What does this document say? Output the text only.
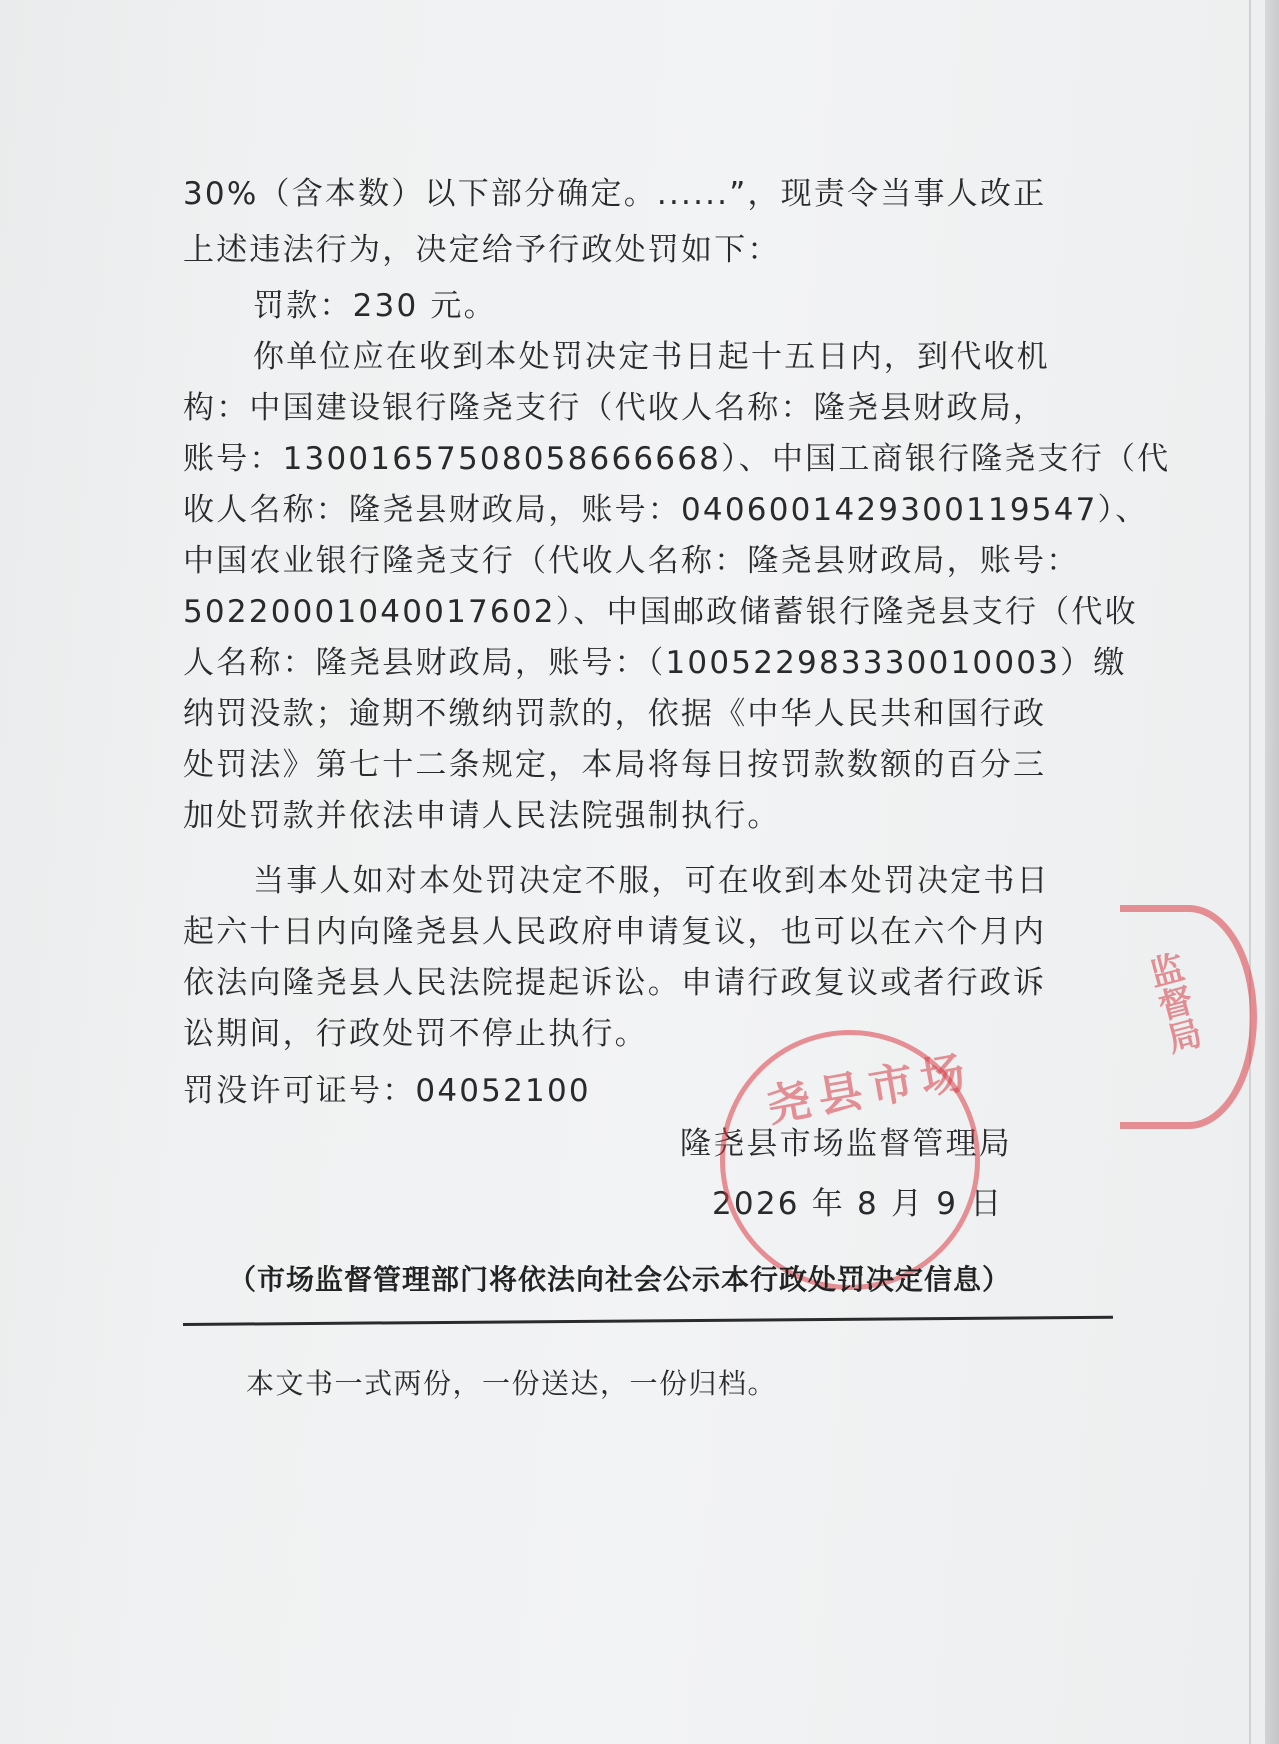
30%（含本数）以下部分确定。......”，现责令当事人改正
上述违法行为，决定给予行政处罚如下：
罚款：230 元。
你单位应在收到本处罚决定书日起十五日内，到代收机
构：中国建设银行隆尧支行（代收人名称：隆尧县财政局，
账号：13001657508058666668）、中国工商银行隆尧支行（代
收人名称：隆尧县财政局，账号：0406001429300119547）、
中国农业银行隆尧支行（代收人名称：隆尧县财政局，账号：
50220001040017602）、中国邮政储蓄银行隆尧县支行（代收
人名称：隆尧县财政局，账号：（100522983330010003）缴
纳罚没款；逾期不缴纳罚款的，依据《中华人民共和国行政
处罚法》第七十二条规定，本局将每日按罚款数额的百分三
加处罚款并依法申请人民法院强制执行。
当事人如对本处罚决定不服，可在收到本处罚决定书日
起六十日内向隆尧县人民政府申请复议，也可以在六个月内
依法向隆尧县人民法院提起诉讼。申请行政复议或者行政诉
讼期间，行政处罚不停止执行。
罚没许可证号：04052100
隆尧县市场监督管理局
2026 年 8 月 9 日
尧县市场
监督局
（市场监督管理部门将依法向社会公示本行政处罚决定信息）
本文书一式两份，一份送达，一份归档。
